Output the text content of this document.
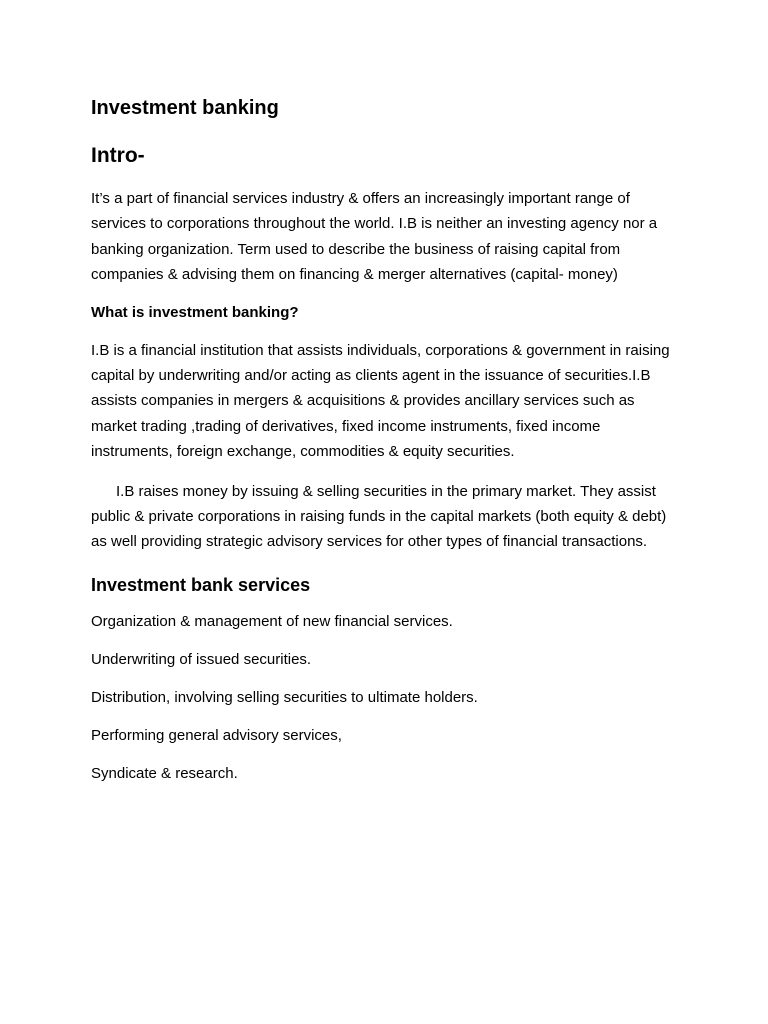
Investment banking
Intro-

It’s a part of financial services industry & offers an increasingly important range of services to corporations throughout the world. I.B is neither an investing agency nor a banking organization. Term used to describe the business of raising capital from companies & advising them on financing & merger alternatives (capital- money)

What is investment banking?

I.B is a financial institution that assists individuals, corporations & government in raising capital by underwriting and/or acting as clients agent in the issuance of securities.I.B assists companies in mergers & acquisitions & provides ancillary services such as market trading ,trading of derivatives, fixed income instruments, fixed income instruments, foreign exchange, commodities & equity securities.

I.B raises money by issuing & selling securities in the primary market. They assist public & private corporations in raising funds in the capital markets (both equity & debt) as well providing strategic advisory services for other types of financial transactions.

Investment bank services

Organization & management of new financial services.

Underwriting of issued securities.

Distribution, involving selling securities to ultimate holders.

Performing general advisory services,

Syndicate & research.
